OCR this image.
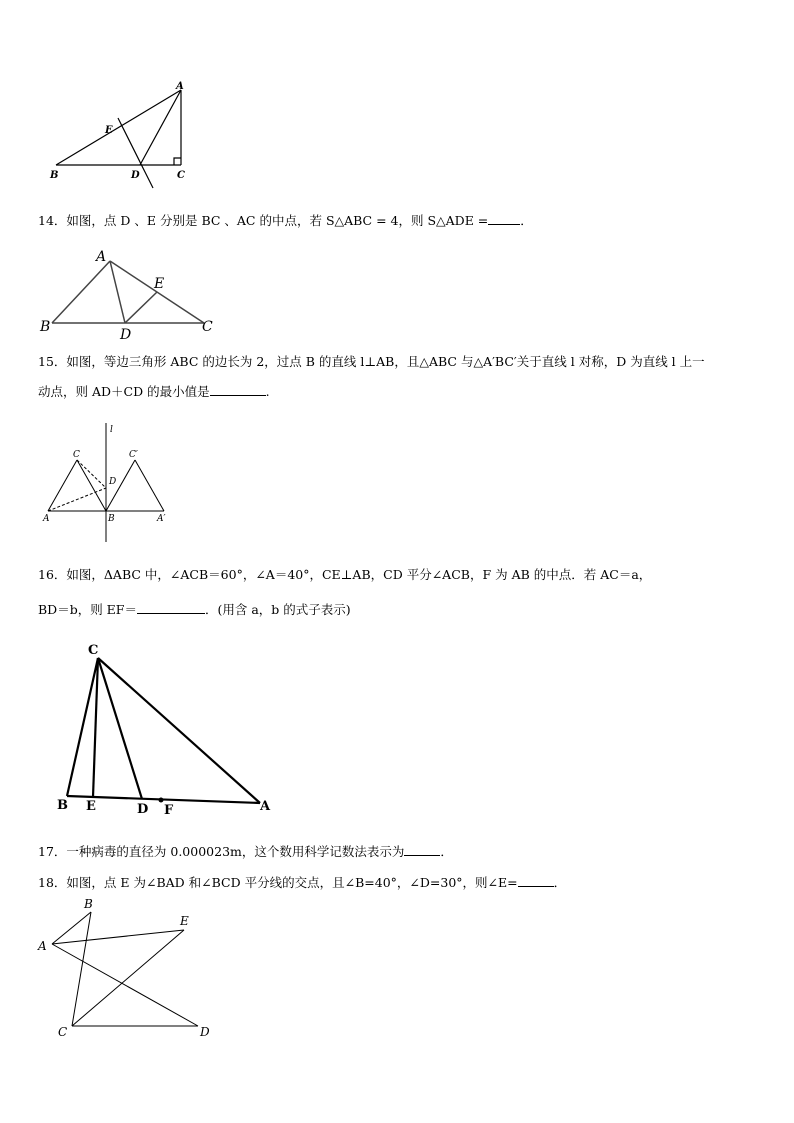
A
E
B	D	C
14．如图，点 D 、E 分别是 BC 、AC 的中点，若 S△ABC = 4，则 S△ADE =	．
A
E
B	D	C
15．如图，等边三角形 ABC 的边长为 2，过点 B 的直线 l⊥AB，且△ABC 与△A′BC′关于直线 l 对称，D 为直线 l 上一
动点，则 AD＋CD 的最小值是	.
l
C	C′
D
A	B	A′
16．如图，ΔABC 中，∠ACB＝60°，∠A＝40°，CE⊥AB，CD 平分∠ACB，F 为 AB 的中点．若 AC＝a，
BD＝b，则 EF＝	．(用含 a，b 的式子表示)
C
B E	D F	A
17．一种病毒的直径为 0.000023m，这个数用科学记数法表示为	．
18．如图，点 E 为∠BAD 和∠BCD 平分线的交点，且∠B=40°，∠D=30°，则∠E=	．
B
E
A
C	D
